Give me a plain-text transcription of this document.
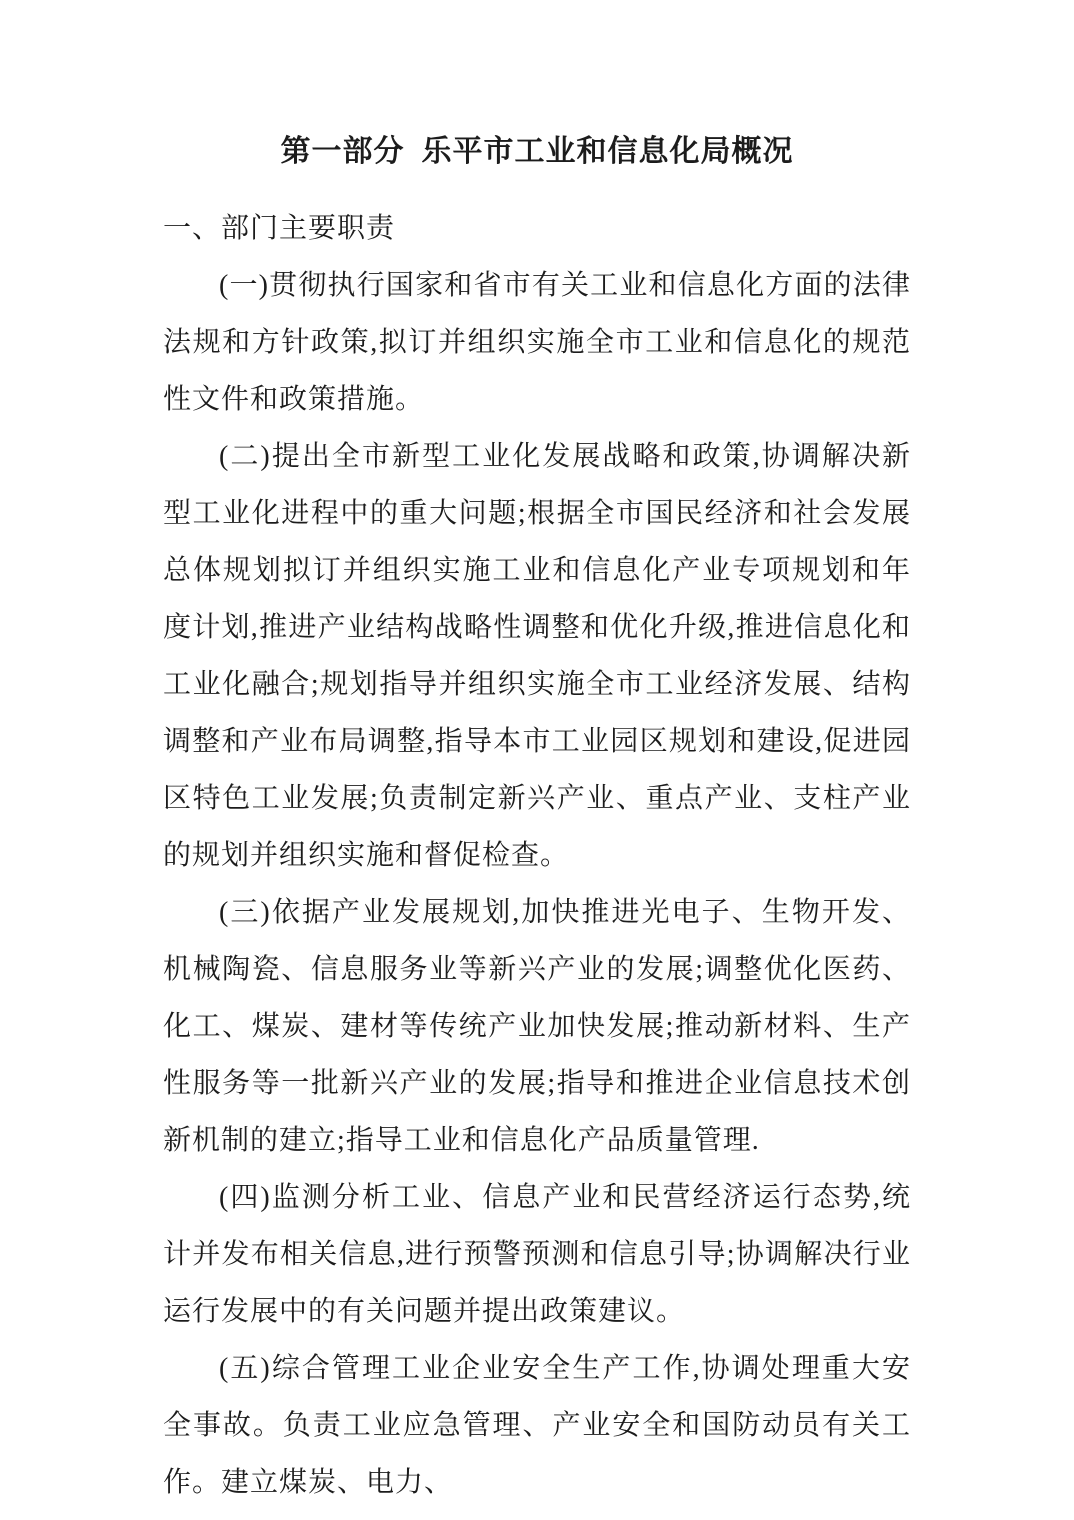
第一部分  乐平市工业和信息化局概况
一、部门主要职责

(一)贯彻执行国家和省市有关工业和信息化方面的法律法规和方针政策,拟订并组织实施全市工业和信息化的规范性文件和政策措施。

(二)提出全市新型工业化发展战略和政策,协调解决新型工业化进程中的重大问题;根据全市国民经济和社会发展总体规划拟订并组织实施工业和信息化产业专项规划和年度计划,推进产业结构战略性调整和优化升级,推进信息化和工业化融合;规划指导并组织实施全市工业经济发展、结构调整和产业布局调整,指导本市工业园区规划和建设,促进园区特色工业发展;负责制定新兴产业、重点产业、支柱产业的规划并组织实施和督促检查。

(三)依据产业发展规划,加快推进光电子、生物开发、机械陶瓷、信息服务业等新兴产业的发展;调整优化医药、化工、煤炭、建材等传统产业加快发展;推动新材料、生产性服务等一批新兴产业的发展;指导和推进企业信息技术创新机制的建立;指导工业和信息化产品质量管理.

(四)监测分析工业、信息产业和民营经济运行态势,统计并发布相关信息,进行预警预测和信息引导;协调解决行业运行发展中的有关问题并提出政策建议。

(五)综合管理工业企业安全生产工作,协调处理重大安全事故。负责工业应急管理、产业安全和国防动员有关工作。建立煤炭、电力、
